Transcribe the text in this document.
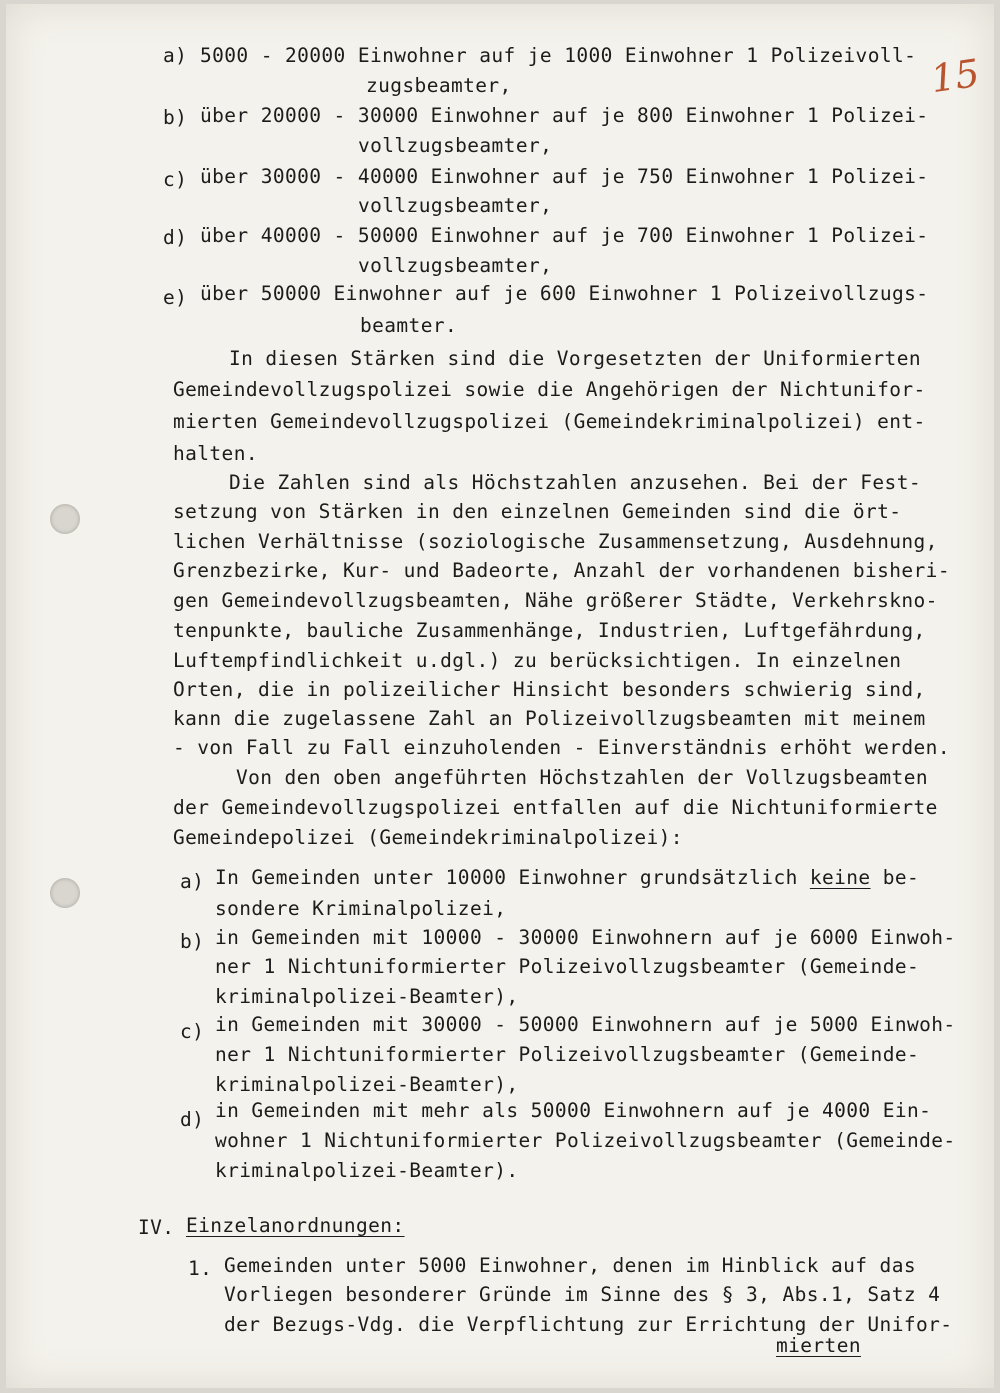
15
a) 5000 - 20000 Einwohner auf je 1000 Einwohner 1 Polizeivoll-
zugsbeamter,
b) über 20000 - 30000 Einwohner auf je 800 Einwohner 1 Polizei-
vollzugsbeamter,
c) über 30000 - 40000 Einwohner auf je 750 Einwohner 1 Polizei-
vollzugsbeamter,
d) über 40000 - 50000 Einwohner auf je 700 Einwohner 1 Polizei-
vollzugsbeamter,
e) über 50000 Einwohner auf je 600 Einwohner 1 Polizeivollzugs-
beamter.
In diesen Stärken sind die Vorgesetzten der Uniformierten
Gemeindevollzugspolizei sowie die Angehörigen der Nichtunifor-
mierten Gemeindevollzugspolizei (Gemeindekriminalpolizei) ent-
halten.
Die Zahlen sind als Höchstzahlen anzusehen. Bei der Fest-
setzung von Stärken in den einzelnen Gemeinden sind die ört-
lichen Verhältnisse (soziologische Zusammensetzung, Ausdehnung,
Grenzbezirke, Kur- und Badeorte, Anzahl der vorhandenen bisheri-
gen Gemeindevollzugsbeamten, Nähe größerer Städte, Verkehrskno-
tenpunkte, bauliche Zusammenhänge, Industrien, Luftgefährdung,
Luftempfindlichkeit u.dgl.) zu berücksichtigen. In einzelnen
Orten, die in polizeilicher Hinsicht besonders schwierig sind,
kann die zugelassene Zahl an Polizeivollzugsbeamten mit meinem
- von Fall zu Fall einzuholenden - Einverständnis erhöht werden.
Von den oben angeführten Höchstzahlen der Vollzugsbeamten
der Gemeindevollzugspolizei entfallen auf die Nichtuniformierte
Gemeindepolizei (Gemeindekriminalpolizei):
a) In Gemeinden unter 10000 Einwohner grundsätzlich keine be-
sondere Kriminalpolizei,
b) in Gemeinden mit 10000 - 30000 Einwohnern auf je 6000 Einwoh-
ner 1 Nichtuniformierter Polizeivollzugsbeamter (Gemeinde-
kriminalpolizei-Beamter),
c) in Gemeinden mit 30000 - 50000 Einwohnern auf je 5000 Einwoh-
ner 1 Nichtuniformierter Polizeivollzugsbeamter (Gemeinde-
kriminalpolizei-Beamter),
d) in Gemeinden mit mehr als 50000 Einwohnern auf je 4000 Ein-
wohner 1 Nichtuniformierter Polizeivollzugsbeamter (Gemeinde-
kriminalpolizei-Beamter).
IV. Einzelanordnungen:
1. Gemeinden unter 5000 Einwohner, denen im Hinblick auf das
Vorliegen besonderer Gründe im Sinne des § 3, Abs.1, Satz 4
der Bezugs-Vdg. die Verpflichtung zur Errichtung der Unifor-
mierten
